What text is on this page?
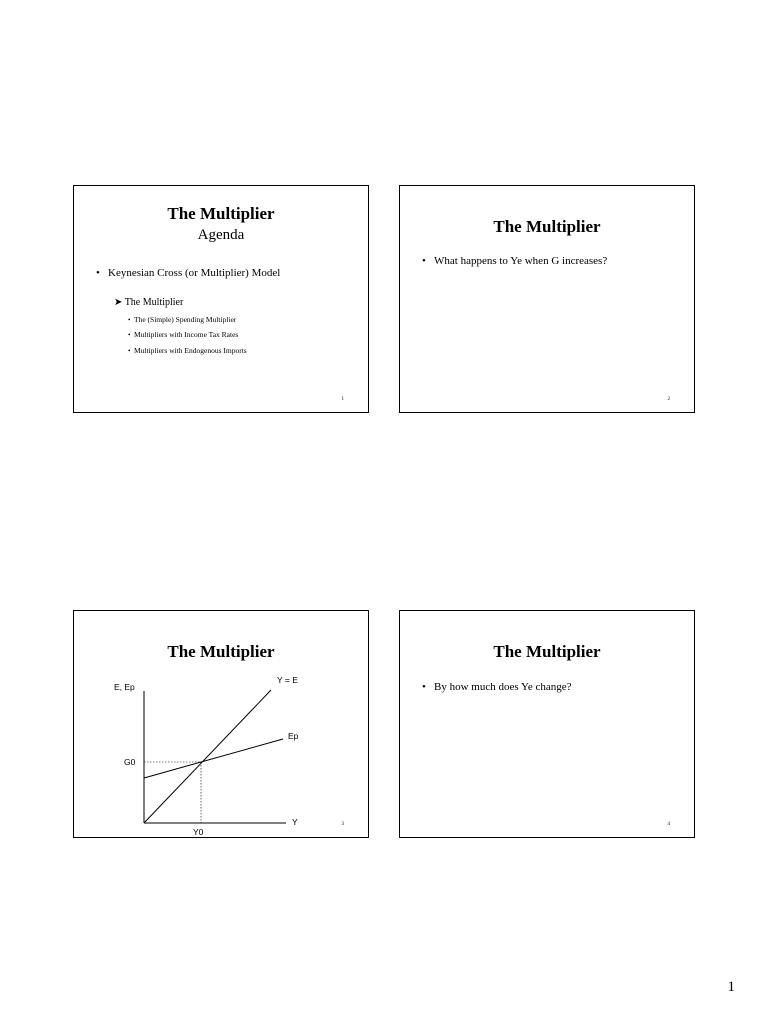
The Multiplier
Agenda
• Keynesian Cross (or Multiplier) Model
➤ The Multiplier
• The (Simple) Spending Multiplier
• Multipliers with Income Tax Rates
• Multipliers with Endogenous Imports
1
The Multiplier
• What happens to Ye when G increases?
2
The Multiplier
E, Ep
Y = E
Ep
G0
Y
Y0
3
The Multiplier
• By how much does Ye change?
4
1
